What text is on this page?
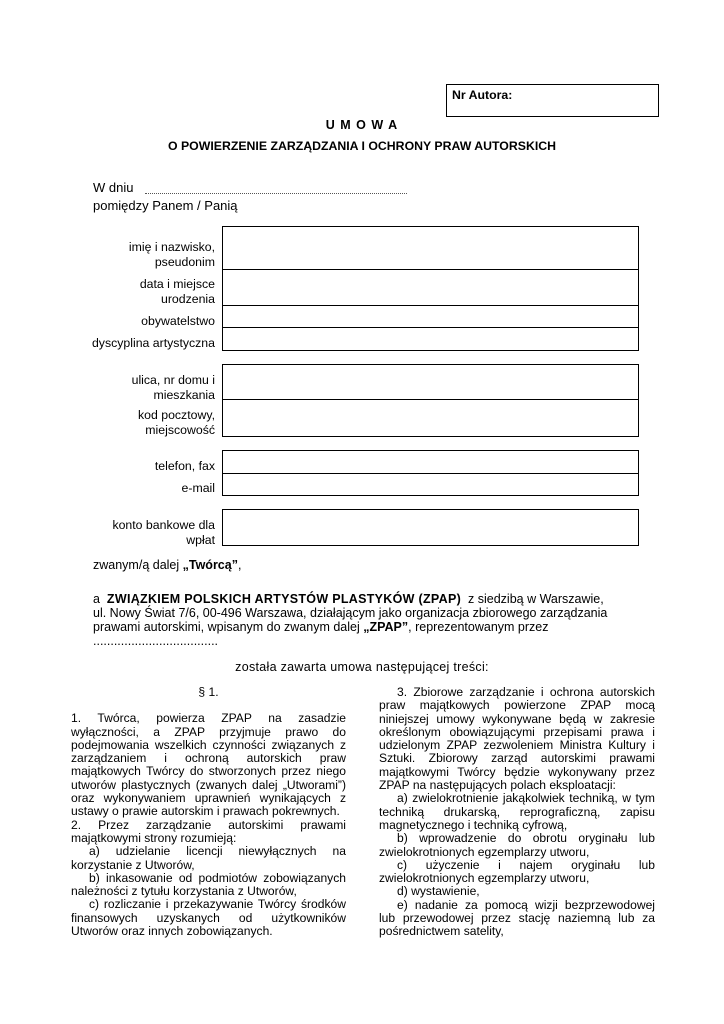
Nr Autora:
U M O W A
O POWIERZENIE ZARZĄDZANIA I OCHRONY PRAW AUTORSKICH
W dniu
pomiędzy Panem / Panią
imię i nazwisko, pseudonim
data i miejsce urodzenia
obywatelstwo
dyscyplina artystyczna
ulica, nr domu i mieszkania
kod pocztowy, miejscowość
telefon, fax
e-mail
konto bankowe dla wpłat
zwanym/ą dalej „Twórcą”,
a ZWIĄZKIEM POLSKICH ARTYSTÓW PLASTYKÓW (ZPAP) z siedzibą w Warszawie,
ul. Nowy Świat 7/6, 00-496 Warszawa, działającym jako organizacja zbiorowego zarządzania
prawami autorskimi, wpisanym do zwanym dalej „ZPAP”, reprezentowanym przez
....................................
została zawarta umowa następującej treści:

§ 1.

1. Twórca, powierza ZPAP na zasadzie wyłączności, a ZPAP przyjmuje prawo do podejmowania wszelkich czynności związanych z zarządzaniem i ochroną autorskich praw majątkowych Twórcy do stworzonych przez niego utworów plastycznych (zwanych dalej „Utworami”) oraz wykonywaniem uprawnień wynikających z ustawy o prawie autorskim i prawach pokrewnych.

2. Przez zarządzanie autorskimi prawami majątkowymi strony rozumieją:

a) udzielanie licencji niewyłącznych na korzystanie z Utworów,

b) inkasowanie od podmiotów zobowiązanych należności z tytułu korzystania z Utworów,

c) rozliczanie i przekazywanie Twórcy środków finansowych uzyskanych od użytkowników Utworów oraz innych zobowiązanych.

3. Zbiorowe zarządzanie i ochrona autorskich praw majątkowych powierzone ZPAP mocą niniejszej umowy wykonywane będą w zakresie określonym obowiązującymi przepisami prawa i udzielonym ZPAP zezwoleniem Ministra Kultury i Sztuki. Zbiorowy zarząd autorskimi prawami majątkowymi Twórcy będzie wykonywany przez ZPAP na następujących polach eksploatacji:

a) zwielokrotnienie jakąkolwiek techniką, w tym techniką drukarską, reprograficzną, zapisu magnetycznego i techniką cyfrową,

b) wprowadzenie do obrotu oryginału lub zwielokrotnionych egzemplarzy utworu,

c) użyczenie i najem oryginału lub zwielokrotnionych egzemplarzy utworu,

d) wystawienie,

e) nadanie za pomocą wizji bezprzewodowej lub przewodowej przez stację naziemną lub za pośrednictwem satelity,
